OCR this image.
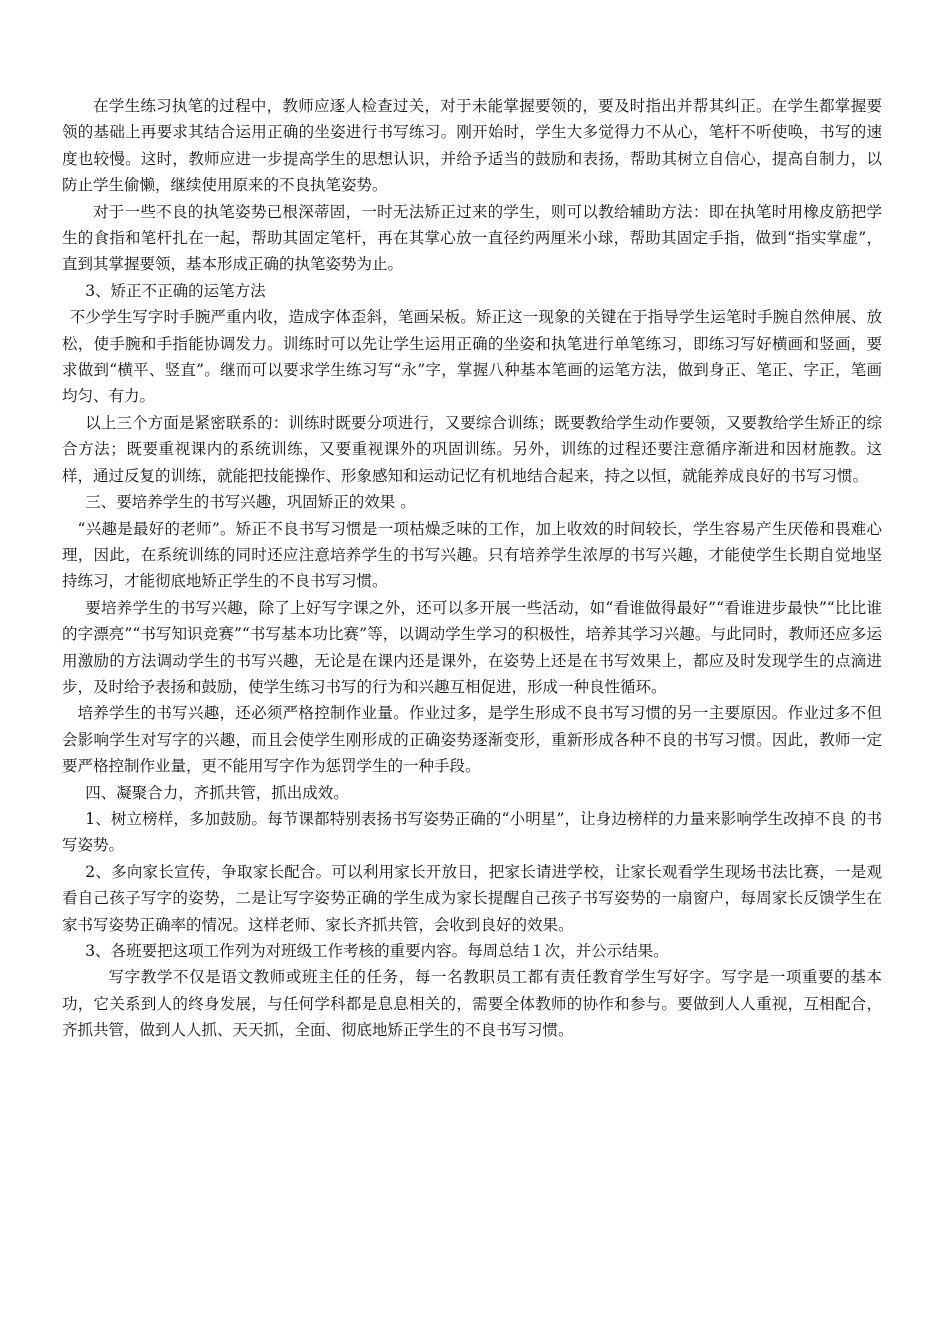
在学生练习执笔的过程中，教师应逐人检查过关，对于未能掌握要领的，要及时指出并帮其纠正。在学生都掌握要领的基础上再要求其结合运用正确的坐姿进行书写练习。刚开始时，学生大多觉得力不从心，笔杆不听使唤，书写的速度也较慢。这时，教师应进一步提高学生的思想认识，并给予适当的鼓励和表扬，帮助其树立自信心，提高自制力，以防止学生偷懒，继续使用原来的不良执笔姿势。

对于一些不良的执笔姿势已根深蒂固，一时无法矫正过来的学生，则可以教给辅助方法：即在执笔时用橡皮筋把学生的食指和笔杆扎在一起，帮助其固定笔杆，再在其掌心放一直径约两厘米小球，帮助其固定手指，做到“指实掌虚”，直到其掌握要领，基本形成正确的执笔姿势为止。

3、矫正不正确的运笔方法

不少学生写字时手腕严重内收，造成字体歪斜，笔画呆板。矫正这一现象的关键在于指导学生运笔时手腕自然伸展、放松，使手腕和手指能协调发力。训练时可以先让学生运用正确的坐姿和执笔进行单笔练习，即练习写好横画和竖画，要求做到“横平、竖直”。继而可以要求学生练习写“永”字，掌握八种基本笔画的运笔方法，做到身正、笔正、字正，笔画均匀、有力。

以上三个方面是紧密联系的：训练时既要分项进行，又要综合训练；既要教给学生动作要领，又要教给学生矫正的综合方法；既要重视课内的系统训练，又要重视课外的巩固训练。另外，训练的过程还要注意循序渐进和因材施教。这样，通过反复的训练，就能把技能操作、形象感知和运动记忆有机地结合起来，持之以恒，就能养成良好的书写习惯。

三、要培养学生的书写兴趣，巩固矫正的效果 。

“兴趣是最好的老师”。矫正不良书写习惯是一项枯燥乏味的工作，加上收效的时间较长，学生容易产生厌倦和畏难心理，因此，在系统训练的同时还应注意培养学生的书写兴趣。只有培养学生浓厚的书写兴趣，才能使学生长期自觉地坚持练习，才能彻底地矫正学生的不良书写习惯。

要培养学生的书写兴趣，除了上好写字课之外，还可以多开展一些活动，如“看谁做得最好”“看谁进步最快”“比比谁的字漂亮”“书写知识竞赛”“书写基本功比赛”等，以调动学生学习的积极性，培养其学习兴趣。与此同时，教师还应多运用激励的方法调动学生的书写兴趣，无论是在课内还是课外，在姿势上还是在书写效果上，都应及时发现学生的点滴进步，及时给予表扬和鼓励，使学生练习书写的行为和兴趣互相促进，形成一种良性循环。

培养学生的书写兴趣，还必须严格控制作业量。作业过多，是学生形成不良书写习惯的另一主要原因。作业过多不但会影响学生对写字的兴趣，而且会使学生刚形成的正确姿势逐渐变形，重新形成各种不良的书写习惯。因此，教师一定要严格控制作业量，更不能用写字作为惩罚学生的一种手段。

四、凝聚合力，齐抓共管，抓出成效。

1、树立榜样，多加鼓励。每节课都特别表扬书写姿势正确的“小明星”，让身边榜样的力量来影响学生改掉不良 的书写姿势。

2、多向家长宣传，争取家长配合。可以利用家长开放日，把家长请进学校，让家长观看学生现场书法比赛，一是观看自己孩子写字的姿势，二是让写字姿势正确的学生成为家长提醒自己孩子书写姿势的一扇窗户，每周家长反馈学生在家书写姿势正确率的情况。这样老师、家长齐抓共管，会收到良好的效果。

3、各班要把这项工作列为对班级工作考核的重要内容。每周总结１次，并公示结果。

写字教学不仅是语文教师或班主任的任务，每一名教职员工都有责任教育学生写好字。写字是一项重要的基本功，它关系到人的终身发展，与任何学科都是息息相关的，需要全体教师的协作和参与。要做到人人重视，互相配合，齐抓共管，做到人人抓、天天抓，全面、彻底地矫正学生的不良书写习惯。
